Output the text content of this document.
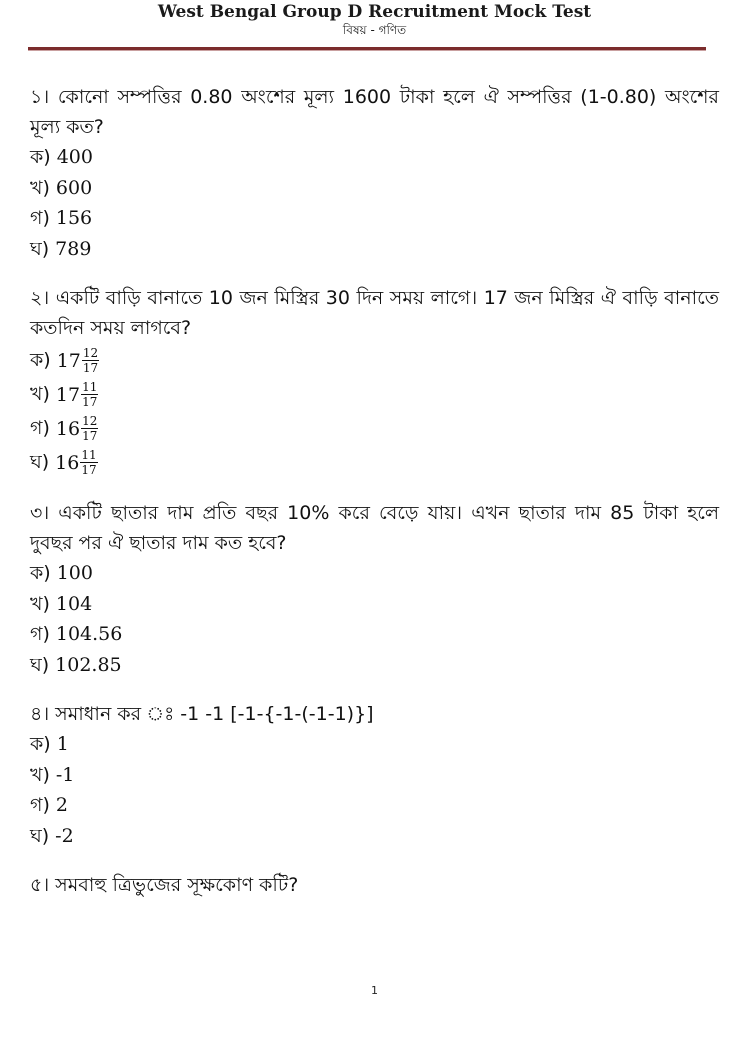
West Bengal Group D Recruitment Mock Test
বিষয় - গণিত
১। কোনো সম্পত্তির 0.80 অংশের মূল্য 1600 টাকা হলে ঐ সম্পত্তির (1-0.80) অংশের মূল্য কত?
ক) 400
খ) 600
গ) 156
ঘ) 789
২। একটি বাড়ি বানাতে 10 জন মিস্ত্রির 30 দিন সময় লাগে। 17 জন মিস্ত্রির ঐ বাড়ি বানাতে কতদিন সময় লাগবে?
ক) $17 \frac{12}{17}$
খ) $17 \frac{11}{17}$
গ) $16 \frac{12}{17}$
ঘ) $16 \frac{11}{17}$
৩। একটি ছাতার দাম প্রতি বছর 10% করে বেড়ে যায়। এখন ছাতার দাম 85 টাকা হলে দুবছর পর ঐ ছাতার দাম কত হবে?
ক) 100
খ) 104
গ) 104.56
ঘ) 102.85
৪। সমাধান কর ঃ -1 -1 [-1-{-1-(-1-1)}]
ক) 1
খ) -1
গ) 2
ঘ) -2
৫। সমবাহু ত্রিভুজের সূক্ষকোণ কটি?
1
